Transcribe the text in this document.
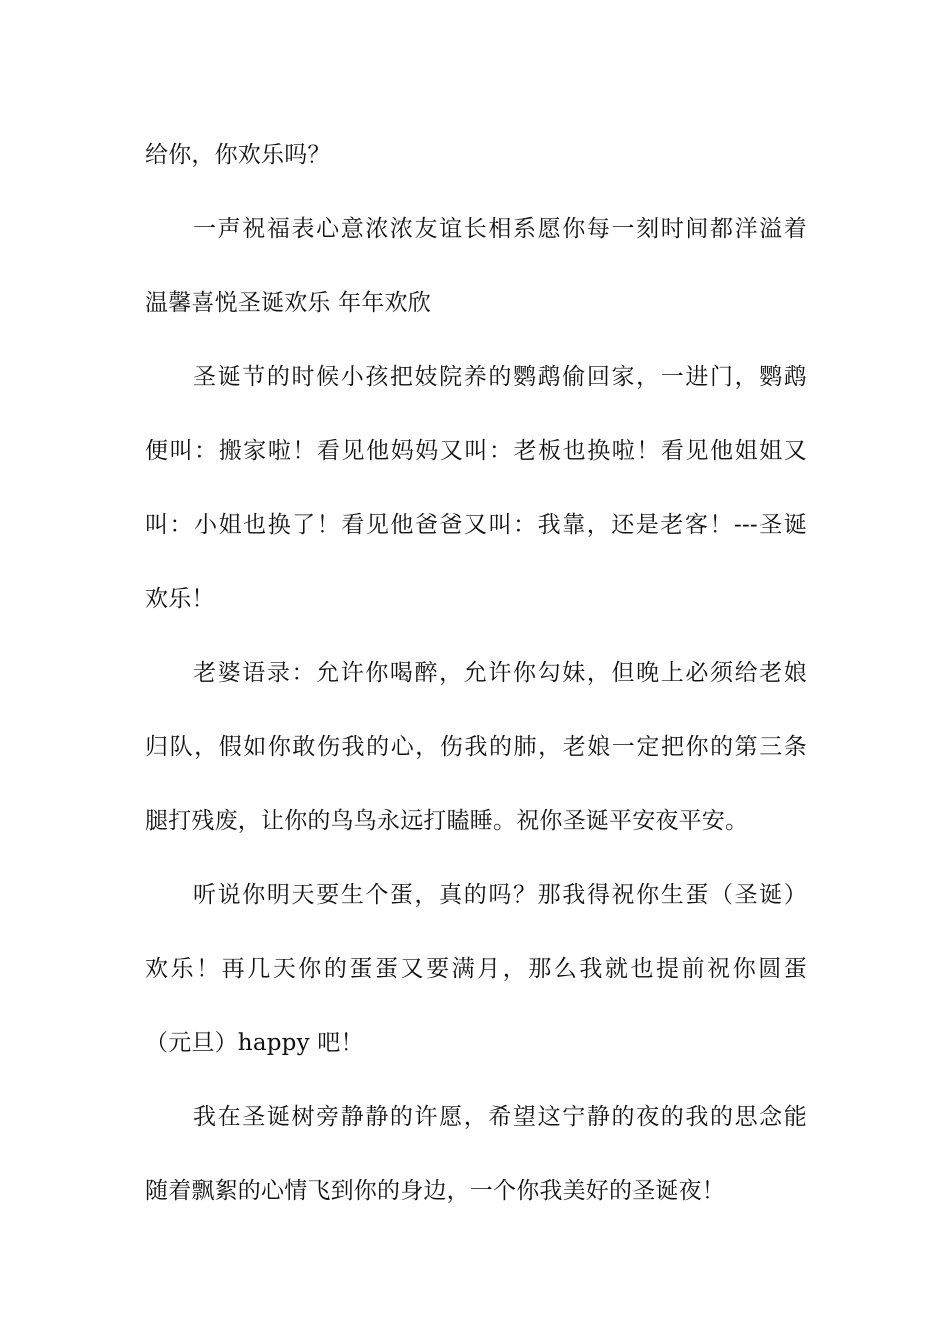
给你，你欢乐吗？
一声祝福表心意浓浓友谊长相系愿你每一刻时间都洋溢着
温馨喜悦圣诞欢乐 年年欢欣
圣诞节的时候小孩把妓院养的鹦鹉偷回家，一进门，鹦鹉
便叫：搬家啦！看见他妈妈又叫：老板也换啦！看见他姐姐又
叫：小姐也换了！看见他爸爸又叫：我靠，还是老客！---圣诞
欢乐！
老婆语录：允许你喝醉，允许你勾妹，但晚上必须给老娘
归队，假如你敢伤我的心，伤我的肺，老娘一定把你的第三条
腿打残废，让你的鸟鸟永远打瞌睡。祝你圣诞平安夜平安。
听说你明天要生个蛋，真的吗？那我得祝你生蛋（圣诞）
欢乐！再几天你的蛋蛋又要满月，那么我就也提前祝你圆蛋
（元旦）happy 吧！
我在圣诞树旁静静的许愿，希望这宁静的夜的我的思念能
随着飘絮的心情飞到你的身边，一个你我美好的圣诞夜！
